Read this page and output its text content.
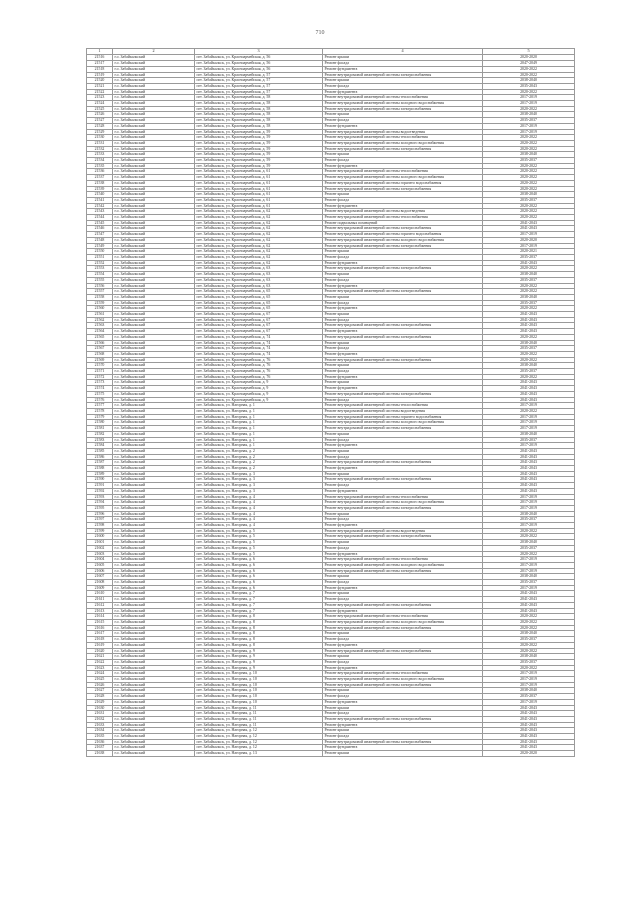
710
1	2	3	4	5
21516	г.о. Забайкальский	пгт. Забайкальск, ул. Красноармейская, д. 56	Ремонт крыши	2020-2020
21517	г.о. Забайкальский	пгт. Забайкальск, ул. Красноармейская, д. 56	Ремонт фасада	2047-2049
21518	г.о. Забайкальский	пгт. Забайкальск, ул. Красноармейская, д. 56	Ремонт фундамента	2020-2022
21519	г.о. Забайкальский	пгт. Забайкальск, ул. Красноармейская, д. 57	Ремонт внутридомовой инженерной системы электроснабжения	2020-2022
21520	г.о. Забайкальский	пгт. Забайкальск, ул. Красноармейская, д. 57	Ремонт крыши	2038-2040
21521	г.о. Забайкальский	пгт. Забайкальск, ул. Красноармейская, д. 57	Ремонт фасада	2035-2043
21522	г.о. Забайкальский	пгт. Забайкальск, ул. Красноармейская, д. 57	Ремонт фундамента	2020-2022
21523	г.о. Забайкальский	пгт. Забайкальск, ул. Красноармейская, д. 58	Ремонт внутридомовой инженерной системы теплоснабжения	2017-2019
21524	г.о. Забайкальский	пгт. Забайкальск, ул. Красноармейская, д. 58	Ремонт внутридомовой инженерной системы холодного водоснабжения	2017-2019
21525	г.о. Забайкальский	пгт. Забайкальск, ул. Красноармейская, д. 58	Ремонт внутридомовой инженерной системы электроснабжения	2020-2022
21526	г.о. Забайкальский	пгт. Забайкальск, ул. Красноармейская, д. 58	Ремонт крыши	2038-2040
21527	г.о. Забайкальский	пгт. Забайкальск, ул. Красноармейская, д. 58	Ремонт фасада	2035-2037
21528	г.о. Забайкальский	пгт. Забайкальск, ул. Красноармейская, д. 58	Ремонт фундамента	2017-2019
21529	г.о. Забайкальский	пгт. Забайкальск, ул. Красноармейская, д. 59	Ремонт внутридомовой инженерной системы водоотведения	2017-2019
21530	г.о. Забайкальский	пгт. Забайкальск, ул. Красноармейская, д. 59	Ремонт внутридомовой инженерной системы теплоснабжения	2020-2022
21531	г.о. Забайкальский	пгт. Забайкальск, ул. Красноармейская, д. 59	Ремонт внутридомовой инженерной системы холодного водоснабжения	2020-2022
21532	г.о. Забайкальский	пгт. Забайкальск, ул. Красноармейская, д. 59	Ремонт внутридомовой инженерной системы электроснабжения	2020-2022
21533	г.о. Забайкальский	пгт. Забайкальск, ул. Красноармейская, д. 59	Ремонт крыши	2038-2040
21534	г.о. Забайкальский	пгт. Забайкальск, ул. Красноармейская, д. 59	Ремонт фасада	2035-2037
21535	г.о. Забайкальский	пгт. Забайкальск, ул. Красноармейская, д. 59	Ремонт фундамента	2020-2022
21536	г.о. Забайкальский	пгт. Забайкальск, ул. Красноармейская, д. 61	Ремонт внутридомовой инженерной системы теплоснабжения	2020-2022
21537	г.о. Забайкальский	пгт. Забайкальск, ул. Красноармейская, д. 61	Ремонт внутридомовой инженерной системы холодного водоснабжения	2020-2022
21538	г.о. Забайкальский	пгт. Забайкальск, ул. Красноармейская, д. 61	Ремонт внутридомовой инженерной системы горячего водоснабжения	2020-2022
21539	г.о. Забайкальский	пгт. Забайкальск, ул. Красноармейская, д. 61	Ремонт внутридомовой инженерной системы электроснабжения	2020-2022
21540	г.о. Забайкальский	пгт. Забайкальск, ул. Красноармейская, д. 61	Ремонт крыши	2038-2040
21541	г.о. Забайкальский	пгт. Забайкальск, ул. Красноармейская, д. 61	Ремонт фасада	2035-2037
21542	г.о. Забайкальский	пгт. Забайкальск, ул. Красноармейская, д. 61	Ремонт фундамента	2020-2022
21543	г.о. Забайкальский	пгт. Забайкальск, ул. Красноармейская, д. 62	Ремонт внутридомовой инженерной системы водоотведения	2020-2022
21544	г.о. Забайкальский	пгт. Забайкальск, ул. Красноармейская, д. 62	Ремонт внутридомовой инженерной системы теплоснабжения	2020-2022
21545	г.о. Забайкальский	пгт. Забайкальск, ул. Красноармейская, д. 62	Ремонт подвальных помещений	2041-2043
21546	г.о. Забайкальский	пгт. Забайкальск, ул. Красноармейская, д. 62	Ремонт внутридомовой инженерной системы электроснабжения	2041-2043
21547	г.о. Забайкальский	пгт. Забайкальск, ул. Красноармейская, д. 62	Ремонт внутридомовой инженерной системы горячего водоснабжения	2017-2019
21548	г.о. Забайкальский	пгт. Забайкальск, ул. Красноармейская, д. 62	Ремонт внутридомовой инженерной системы холодного водоснабжения	2020-2020
21549	г.о. Забайкальский	пгт. Забайкальск, ул. Красноармейская, д. 62	Ремонт внутридомовой инженерной системы электроснабжения	2017-2019
21550	г.о. Забайкальский	пгт. Забайкальск, ул. Красноармейская, д. 62	Ремонт крыши	2020-2021
21551	г.о. Забайкальский	пгт. Забайкальск, ул. Красноармейская, д. 62	Ремонт фасада	2035-2037
21552	г.о. Забайкальский	пгт. Забайкальск, ул. Красноармейская, д. 62	Ремонт фундамента	2041-2043
21553	г.о. Забайкальский	пгт. Забайкальск, ул. Красноармейская, д. 63	Ремонт внутридомовой инженерной системы электроснабжения	2020-2022
21554	г.о. Забайкальский	пгт. Забайкальск, ул. Красноармейская, д. 63	Ремонт крыши	2038-2040
21555	г.о. Забайкальский	пгт. Забайкальск, ул. Красноармейская, д. 63	Ремонт фасада	2035-2037
21556	г.о. Забайкальский	пгт. Забайкальск, ул. Красноармейская, д. 63	Ремонт фундамента	2020-2022
21557	г.о. Забайкальский	пгт. Забайкальск, ул. Красноармейская, д. 65	Ремонт внутридомовой инженерной системы электроснабжения	2020-2022
21558	г.о. Забайкальский	пгт. Забайкальск, ул. Красноармейская, д. 65	Ремонт крыши	2038-2040
21559	г.о. Забайкальский	пгт. Забайкальск, ул. Красноармейская, д. 65	Ремонт фасада	2035-2037
21560	г.о. Забайкальский	пгт. Забайкальск, ул. Красноармейская, д. 65	Ремонт фундамента	2020-2022
21561	г.о. Забайкальский	пгт. Забайкальск, ул. Красноармейская, д. 67	Ремонт крыши	2041-2043
21562	г.о. Забайкальский	пгт. Забайкальск, ул. Красноармейская, д. 67	Ремонт фасада	2041-2043
21563	г.о. Забайкальский	пгт. Забайкальск, ул. Красноармейская, д. 67	Ремонт внутридомовой инженерной системы электроснабжения	2041-2043
21564	г.о. Забайкальский	пгт. Забайкальск, ул. Красноармейская, д. 67	Ремонт фундамента	2041-2043
21565	г.о. Забайкальский	пгт. Забайкальск, ул. Красноармейская, д. 74	Ремонт внутридомовой инженерной системы электроснабжения	2020-2022
21566	г.о. Забайкальский	пгт. Забайкальск, ул. Красноармейская, д. 74	Ремонт крыши	2038-2040
21567	г.о. Забайкальский	пгт. Забайкальск, ул. Красноармейская, д. 74	Ремонт фасада	2035-2037
21568	г.о. Забайкальский	пгт. Забайкальск, ул. Красноармейская, д. 74	Ремонт фундамента	2020-2022
21569	г.о. Забайкальский	пгт. Забайкальск, ул. Красноармейская, д. 76	Ремонт внутридомовой инженерной системы электроснабжения	2020-2022
21570	г.о. Забайкальский	пгт. Забайкальск, ул. Красноармейская, д. 76	Ремонт крыши	2038-2040
21571	г.о. Забайкальский	пгт. Забайкальск, ул. Красноармейская, д. 76	Ремонт фасада	2035-2037
21572	г.о. Забайкальский	пгт. Забайкальск, ул. Красноармейская, д. 76	Ремонт фундамента	2020-2022
21573	г.о. Забайкальский	пгт. Забайкальск, ул. Красноармейская, д. 9	Ремонт крыши	2041-2043
21574	г.о. Забайкальский	пгт. Забайкальск, ул. Красноармейская, д. 9	Ремонт фундамента	2041-2043
21575	г.о. Забайкальский	пгт. Забайкальск, ул. Красноармейская, д. 9	Ремонт внутридомовой инженерной системы электроснабжения	2041-2043
21576	г.о. Забайкальский	пгт. Забайкальск, ул. Красноармейская, д. 9	Ремонт фасада	2041-2043
21577	г.о. Забайкальский	пгт. Забайкальск, ул. Нагорная, д. 1	Ремонт внутридомовой инженерной системы теплоснабжения	2017-2019
21578	г.о. Забайкальский	пгт. Забайкальск, ул. Нагорная, д. 1	Ремонт внутридомовой инженерной системы водоотведения	2020-2022
21579	г.о. Забайкальский	пгт. Забайкальск, ул. Нагорная, д. 1	Ремонт внутридомовой инженерной системы горячего водоснабжения	2017-2019
21580	г.о. Забайкальский	пгт. Забайкальск, ул. Нагорная, д. 1	Ремонт внутридомовой инженерной системы холодного водоснабжения	2017-2019
21581	г.о. Забайкальский	пгт. Забайкальск, ул. Нагорная, д. 1	Ремонт внутридомовой инженерной системы электроснабжения	2017-2019
21582	г.о. Забайкальский	пгт. Забайкальск, ул. Нагорная, д. 1	Ремонт крыши	2038-2040
21583	г.о. Забайкальский	пгт. Забайкальск, ул. Нагорная, д. 1	Ремонт фасада	2035-2037
21584	г.о. Забайкальский	пгт. Забайкальск, ул. Нагорная, д. 1	Ремонт фундамента	2017-2019
21585	г.о. Забайкальский	пгт. Забайкальск, ул. Нагорная, д. 2	Ремонт крыши	2041-2043
21586	г.о. Забайкальский	пгт. Забайкальск, ул. Нагорная, д. 2	Ремонт фасада	2041-2043
21587	г.о. Забайкальский	пгт. Забайкальск, ул. Нагорная, д. 2	Ремонт внутридомовой инженерной системы электроснабжения	2041-2043
21588	г.о. Забайкальский	пгт. Забайкальск, ул. Нагорная, д. 2	Ремонт фундамента	2041-2043
21589	г.о. Забайкальский	пгт. Забайкальск, ул. Нагорная, д. 3	Ремонт крыши	2041-2043
21590	г.о. Забайкальский	пгт. Забайкальск, ул. Нагорная, д. 3	Ремонт внутридомовой инженерной системы электроснабжения	2041-2043
21591	г.о. Забайкальский	пгт. Забайкальск, ул. Нагорная, д. 3	Ремонт фасада	2041-2043
21592	г.о. Забайкальский	пгт. Забайкальск, ул. Нагорная, д. 3	Ремонт фундамента	2041-2043
21593	г.о. Забайкальский	пгт. Забайкальск, ул. Нагорная, д. 4	Ремонт внутридомовой инженерной системы теплоснабжения	2017-2019
21594	г.о. Забайкальский	пгт. Забайкальск, ул. Нагорная, д. 4	Ремонт внутридомовой инженерной системы холодного водоснабжения	2017-2019
21595	г.о. Забайкальский	пгт. Забайкальск, ул. Нагорная, д. 4	Ремонт внутридомовой инженерной системы электроснабжения	2017-2019
21596	г.о. Забайкальский	пгт. Забайкальск, ул. Нагорная, д. 4	Ремонт крыши	2038-2040
21597	г.о. Забайкальский	пгт. Забайкальск, ул. Нагорная, д. 4	Ремонт фасада	2035-2037
21598	г.о. Забайкальский	пгт. Забайкальск, ул. Нагорная, д. 4	Ремонт фундамента	2017-2019
21599	г.о. Забайкальский	пгт. Забайкальск, ул. Нагорная, д. 5	Ремонт внутридомовой инженерной системы водоотведения	2020-2022
21600	г.о. Забайкальский	пгт. Забайкальск, ул. Нагорная, д. 5	Ремонт внутридомовой инженерной системы электроснабжения	2020-2022
21601	г.о. Забайкальский	пгт. Забайкальск, ул. Нагорная, д. 5	Ремонт крыши	2038-2040
21602	г.о. Забайкальский	пгт. Забайкальск, ул. Нагорная, д. 5	Ремонт фасада	2035-2037
21603	г.о. Забайкальский	пгт. Забайкальск, ул. Нагорная, д. 5	Ремонт фундамента	2020-2022
21604	г.о. Забайкальский	пгт. Забайкальск, ул. Нагорная, д. 6	Ремонт внутридомовой инженерной системы теплоснабжения	2017-2019
21605	г.о. Забайкальский	пгт. Забайкальск, ул. Нагорная, д. 6	Ремонт внутридомовой инженерной системы холодного водоснабжения	2017-2019
21606	г.о. Забайкальский	пгт. Забайкальск, ул. Нагорная, д. 6	Ремонт внутридомовой инженерной системы электроснабжения	2017-2019
21607	г.о. Забайкальский	пгт. Забайкальск, ул. Нагорная, д. 6	Ремонт крыши	2038-2040
21608	г.о. Забайкальский	пгт. Забайкальск, ул. Нагорная, д. 6	Ремонт фасада	2035-2037
21609	г.о. Забайкальский	пгт. Забайкальск, ул. Нагорная, д. 6	Ремонт фундамента	2017-2019
21610	г.о. Забайкальский	пгт. Забайкальск, ул. Нагорная, д. 7	Ремонт крыши	2041-2043
21611	г.о. Забайкальский	пгт. Забайкальск, ул. Нагорная, д. 7	Ремонт фасада	2041-2043
21612	г.о. Забайкальский	пгт. Забайкальск, ул. Нагорная, д. 7	Ремонт внутридомовой инженерной системы электроснабжения	2041-2043
21613	г.о. Забайкальский	пгт. Забайкальск, ул. Нагорная, д. 7	Ремонт фундамента	2041-2043
21614	г.о. Забайкальский	пгт. Забайкальск, ул. Нагорная, д. 8	Ремонт внутридомовой инженерной системы теплоснабжения	2020-2022
21615	г.о. Забайкальский	пгт. Забайкальск, ул. Нагорная, д. 8	Ремонт внутридомовой инженерной системы холодного водоснабжения	2020-2022
21616	г.о. Забайкальский	пгт. Забайкальск, ул. Нагорная, д. 8	Ремонт внутридомовой инженерной системы электроснабжения	2020-2022
21617	г.о. Забайкальский	пгт. Забайкальск, ул. Нагорная, д. 8	Ремонт крыши	2038-2040
21618	г.о. Забайкальский	пгт. Забайкальск, ул. Нагорная, д. 8	Ремонт фасада	2035-2037
21619	г.о. Забайкальский	пгт. Забайкальск, ул. Нагорная, д. 8	Ремонт фундамента	2020-2022
21620	г.о. Забайкальский	пгт. Забайкальск, ул. Нагорная, д. 9	Ремонт внутридомовой инженерной системы электроснабжения	2020-2022
21621	г.о. Забайкальский	пгт. Забайкальск, ул. Нагорная, д. 9	Ремонт крыши	2038-2040
21622	г.о. Забайкальский	пгт. Забайкальск, ул. Нагорная, д. 9	Ремонт фасада	2035-2037
21623	г.о. Забайкальский	пгт. Забайкальск, ул. Нагорная, д. 9	Ремонт фундамента	2020-2022
21624	г.о. Забайкальский	пгт. Забайкальск, ул. Нагорная, д. 10	Ремонт внутридомовой инженерной системы теплоснабжения	2017-2019
21625	г.о. Забайкальский	пгт. Забайкальск, ул. Нагорная, д. 10	Ремонт внутридомовой инженерной системы холодного водоснабжения	2017-2019
21626	г.о. Забайкальский	пгт. Забайкальск, ул. Нагорная, д. 10	Ремонт внутридомовой инженерной системы электроснабжения	2017-2019
21627	г.о. Забайкальский	пгт. Забайкальск, ул. Нагорная, д. 10	Ремонт крыши	2038-2040
21628	г.о. Забайкальский	пгт. Забайкальск, ул. Нагорная, д. 10	Ремонт фасада	2035-2037
21629	г.о. Забайкальский	пгт. Забайкальск, ул. Нагорная, д. 10	Ремонт фундамента	2017-2019
21630	г.о. Забайкальский	пгт. Забайкальск, ул. Нагорная, д. 11	Ремонт крыши	2041-2043
21631	г.о. Забайкальский	пгт. Забайкальск, ул. Нагорная, д. 11	Ремонт фасада	2041-2043
21632	г.о. Забайкальский	пгт. Забайкальск, ул. Нагорная, д. 11	Ремонт внутридомовой инженерной системы электроснабжения	2041-2043
21633	г.о. Забайкальский	пгт. Забайкальск, ул. Нагорная, д. 11	Ремонт фундамента	2041-2043
21634	г.о. Забайкальский	пгт. Забайкальск, ул. Нагорная, д. 12	Ремонт крыши	2041-2043
21635	г.о. Забайкальский	пгт. Забайкальск, ул. Нагорная, д. 12	Ремонт фасада	2041-2043
21636	г.о. Забайкальский	пгт. Забайкальск, ул. Нагорная, д. 12	Ремонт внутридомовой инженерной системы электроснабжения	2041-2043
21637	г.о. Забайкальский	пгт. Забайкальск, ул. Нагорная, д. 12	Ремонт фундамента	2041-2043
21638	г.о. Забайкальский	пгт. Забайкальск, ул. Нагорная, д. 13	Ремонт крыши	2020-2020
